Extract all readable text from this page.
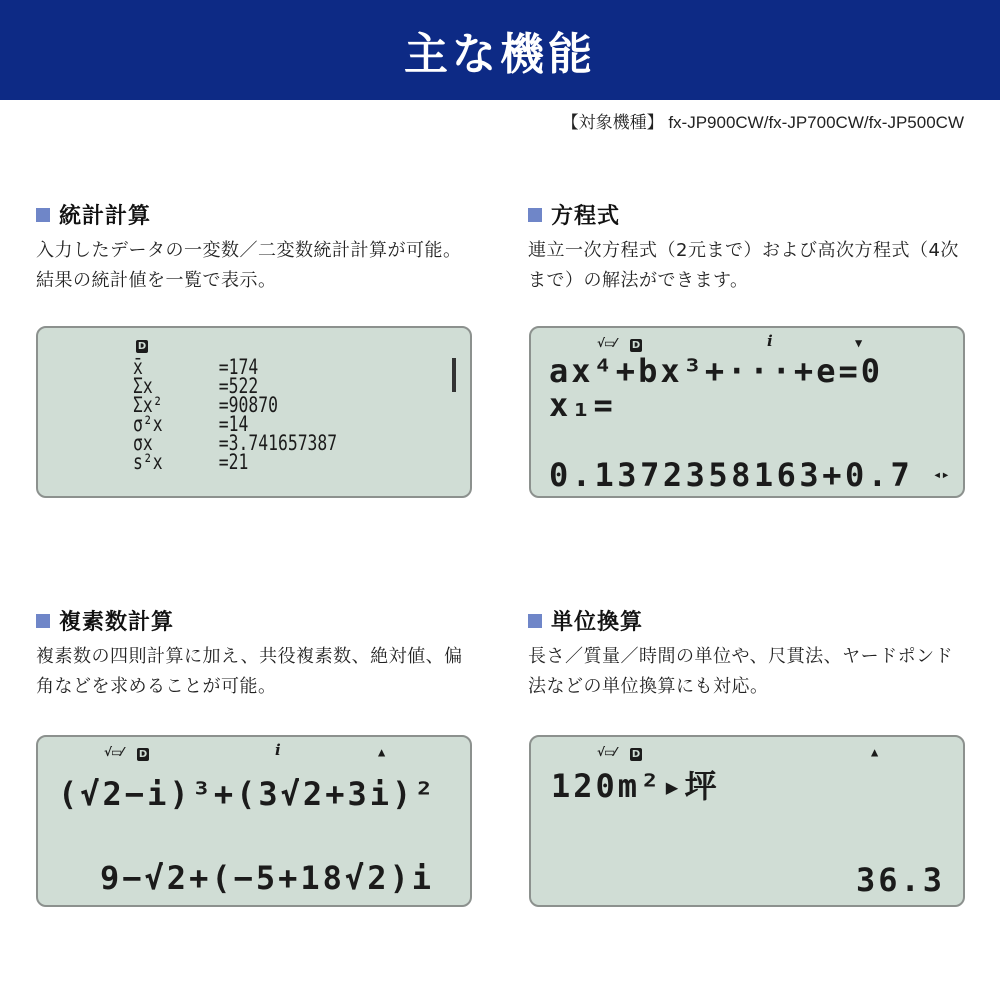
主な機能
【対象機種】 fx-JP900CW/fx-JP700CW/fx-JP500CW
統計計算
入力したデータの一変数／二変数統計計算が可能。結果の統計値を一覧で表示。
D
x̄	=174
Σx	=522
Σx²	=90870
σ²x	=14
σx	=3.741657387
s²x	=21
方程式
連立一次方程式（2元まで）および高次方程式（4次まで）の解法ができます。
√▭⁄ D	i	▼
ax⁴+bx³+···+e=0
x₁=
0.1372358163+0.7 ◂▸
複素数計算
複素数の四則計算に加え、共役複素数、絶対値、偏角などを求めることが可能。
√▭⁄ D	i	▲
(√2−i)³+(3√2+3i)²
9−√2+(−5+18√2)i
単位換算
長さ／質量／時間の単位や、尺貫法、ヤードポンド法などの単位換算にも対応。
√▭⁄ D	▲
120m²▸坪
36.3
